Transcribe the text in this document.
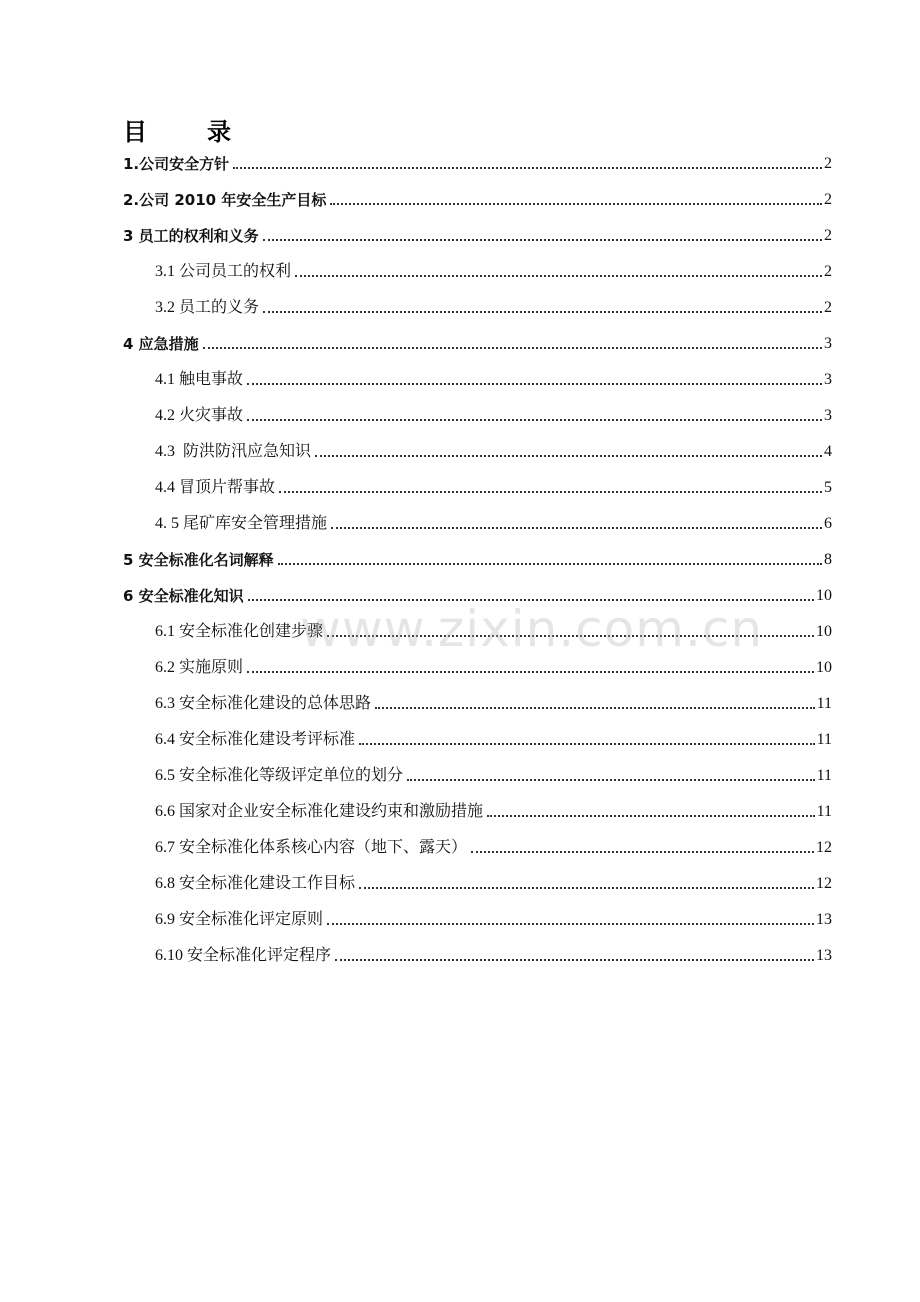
目	录
1.公司安全方针	2
2.公司 2010 年安全生产目标	2
3 员工的权利和义务	2
3.1 公司员工的权利	2
3.2 员工的义务	2
4 应急措施	3
4.1 触电事故	3
4.2 火灾事故	3
4.3  防洪防汛应急知识	4
4.4 冒顶片帮事故	5
4. 5 尾矿库安全管理措施	6
5 安全标准化名词解释	8
6 安全标准化知识	10
6.1 安全标准化创建步骤	10
6.2 实施原则	10
6.3 安全标准化建设的总体思路	11
6.4 安全标准化建设考评标准	11
6.5 安全标准化等级评定单位的划分	11
6.6 国家对企业安全标准化建设约束和激励措施	11
6.7 安全标准化体系核心内容（地下、露天）	12
6.8 安全标准化建设工作目标	12
6.9 安全标准化评定原则	13
6.10 安全标准化评定程序	13
www.zixin.com.cn
